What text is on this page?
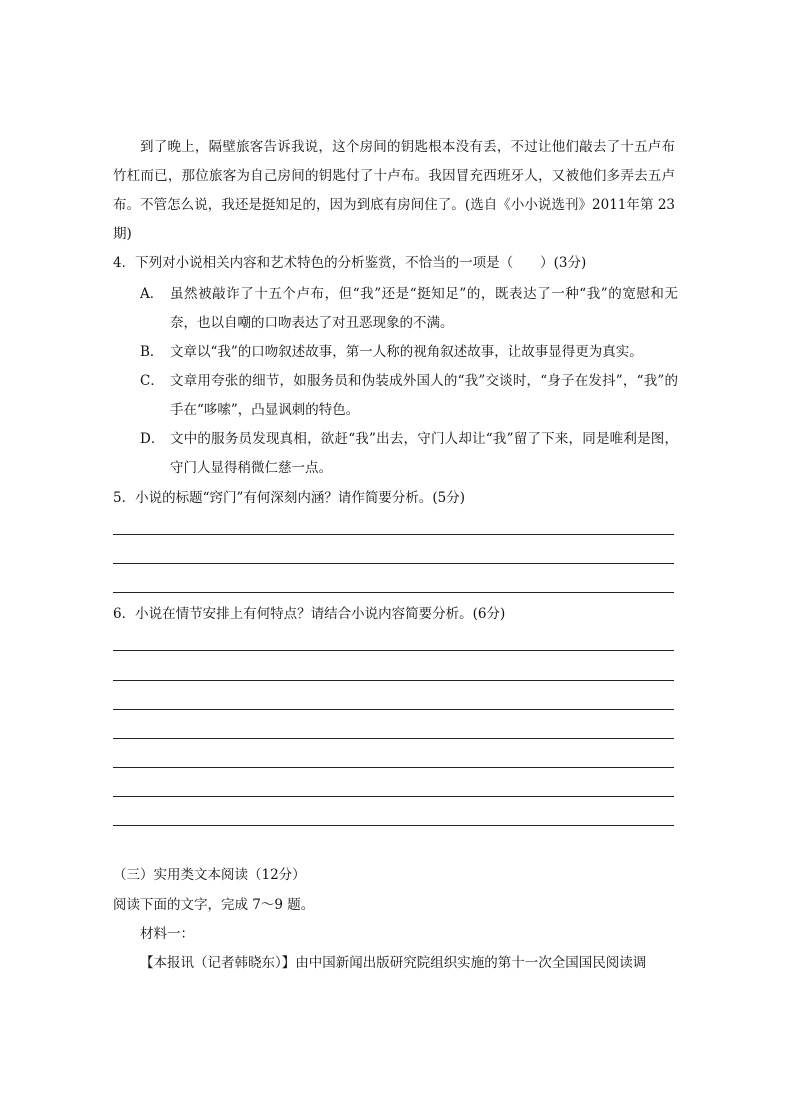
到了晚上，隔壁旅客告诉我说，这个房间的钥匙根本没有丢，不过让他们敲去了十五卢布竹杠而已，那位旅客为自己房间的钥匙付了十卢布。我因冒充西班牙人，又被他们多弄去五卢布。不管怎么说，我还是挺知足的，因为到底有房间住了。(选自《小小说选刊》2011年第 23期)
4．下列对小说相关内容和艺术特色的分析鉴赏，不恰当的一项是（　　）(3分)
A． 虽然被敲诈了十五个卢布，但“我”还是“挺知足”的，既表达了一种“我”的宽慰和无奈，也以自嘲的口吻表达了对丑恶现象的不满。
B． 文章以“我”的口吻叙述故事，第一人称的视角叙述故事，让故事显得更为真实。
C． 文章用夸张的细节，如服务员和伪装成外国人的“我”交谈时，“身子在发抖”，“我”的手在“哆嗦”，凸显讽刺的特色。
D． 文中的服务员发现真相，欲赶“我”出去，守门人却让“我”留了下来，同是唯利是图，守门人显得稍微仁慈一点。
5．小说的标题“窍门”有何深刻内涵？请作简要分析。(5分)
6．小说在情节安排上有何特点？请结合小说内容简要分析。(6分)
（三）实用类文本阅读（12分）
阅读下面的文字，完成 7～9 题。
材料一：
【本报讯（记者韩晓东）】由中国新闻出版研究院组织实施的第十一次全国国民阅读调
